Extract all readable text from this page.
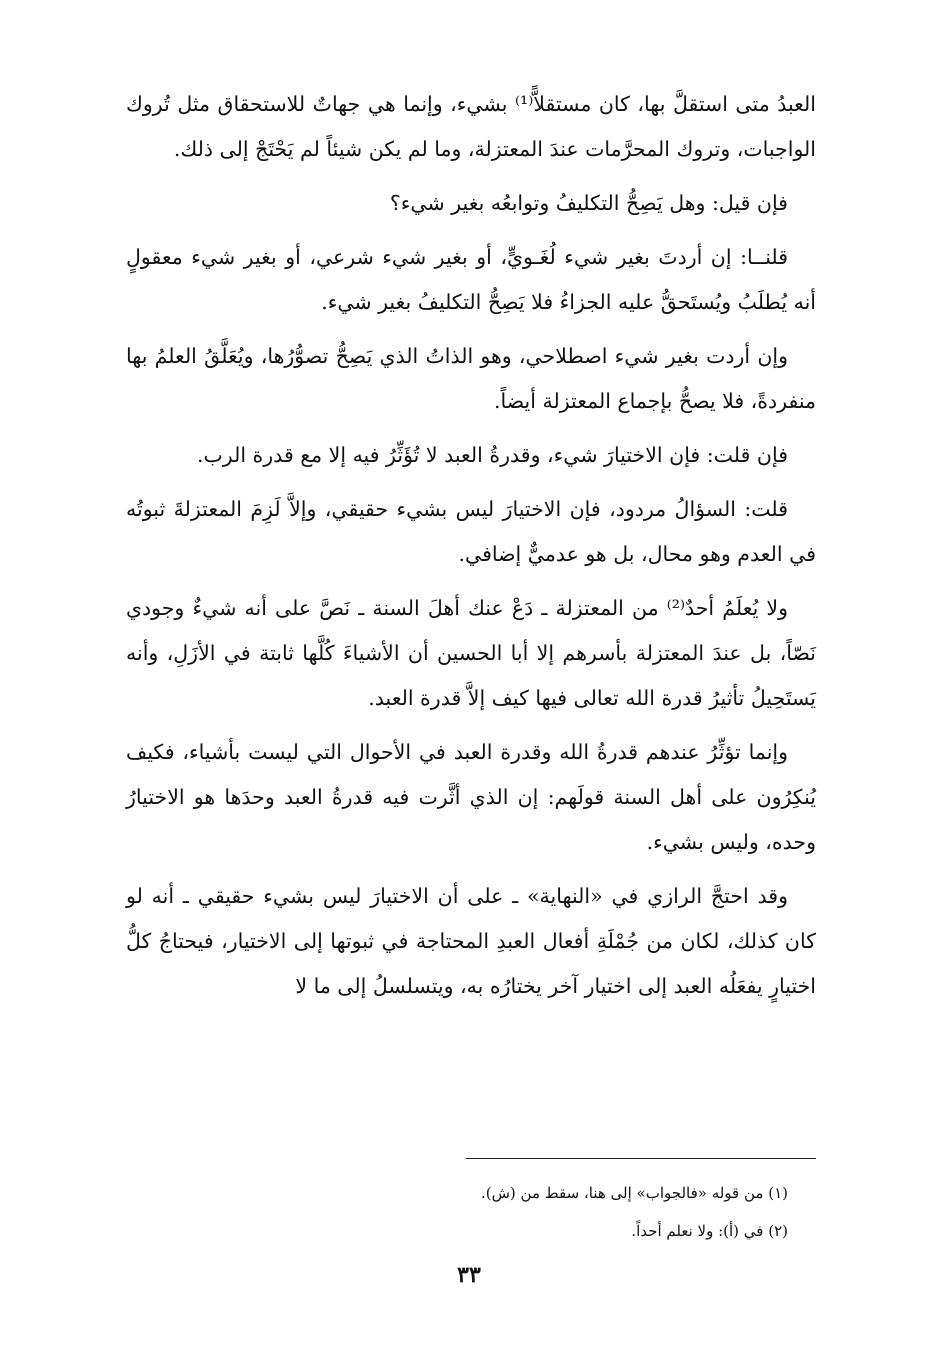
العبدُ متى استقلَّ بها، كان مستقلاًّ⁽¹⁾ بشيء، وإنما هي جهاتٌ للاستحقاق مثل تُروك الواجبات، وتروك المحرَّمات عندَ المعتزلة، وما لم يكن شيئاً لم يَحْتَجْ إلى ذلك.

فإن قيل: وهل يَصِحُّ التكليفُ وتوابعُه بغير شيء؟

قلنــا: إن أردتَ بغير شيء لُغَـويٍّ، أو بغير شيء شرعي، أو بغير شيء معقولٍ أنه يُطلَبُ ويُستَحقُّ عليه الجزاءُ فلا يَصِحُّ التكليفُ بغير شيء.

وإن أردت بغير شيء اصطلاحي، وهو الذاتُ الذي يَصِحُّ تصوُّرُها، ويُعَلَّقُ العلمُ بها منفردةً، فلا يصحُّ بإجماع المعتزلة أيضاً.

فإن قلت: فإن الاختيارَ شيء، وقدرةُ العبد لا تُؤَثِّرُ فيه إلا مع قدرة الرب.

قلت: السؤالُ مردود، فإن الاختيارَ ليس بشيء حقيقي، وإلاَّ لَزِمَ المعتزلةَ ثبوتُه في العدم وهو محال، بل هو عدميٌّ إضافي.

ولا يُعلَمُ أحدٌ⁽²⁾ من المعتزلة ـ دَعْ عنك أهلَ السنة ـ نَصَّ على أنه شيءٌ وجودي نَصّاً، بل عندَ المعتزلة بأسرهم إلا أبا الحسين أن الأشياءَ كُلَّها ثابتة في الأزَلِ، وأنه يَستَحِيلُ تأثيرُ قدرة الله تعالى فيها كيف إلاَّ قدرة العبد.

وإنما تؤثِّرُ عندهم قدرةُ الله وقدرة العبد في الأحوال التي ليست بأشياء، فكيف يُنكِرُون على أهل السنة قولَهم: إن الذي أثَّرت فيه قدرةُ العبد وحدَها هو الاختيارُ وحده، وليس بشيء.

وقد احتجَّ الرازي في «النهاية» ـ على أن الاختيارَ ليس بشيء حقيقي ـ أنه لو كان كذلك، لكان من جُمْلَةِ أفعال العبدِ المحتاجة في ثبوتها إلى الاختيار، فيحتاجُ كلُّ اختيارٍ يفعَلُه العبد إلى اختيار آخر يختارُه به، ويتسلسلُ إلى ما لا

(١) من قوله «فالجواب» إلى هنا، سقط من (ش).

(٢) في (أ): ولا نعلم أحداً.

٣٣
